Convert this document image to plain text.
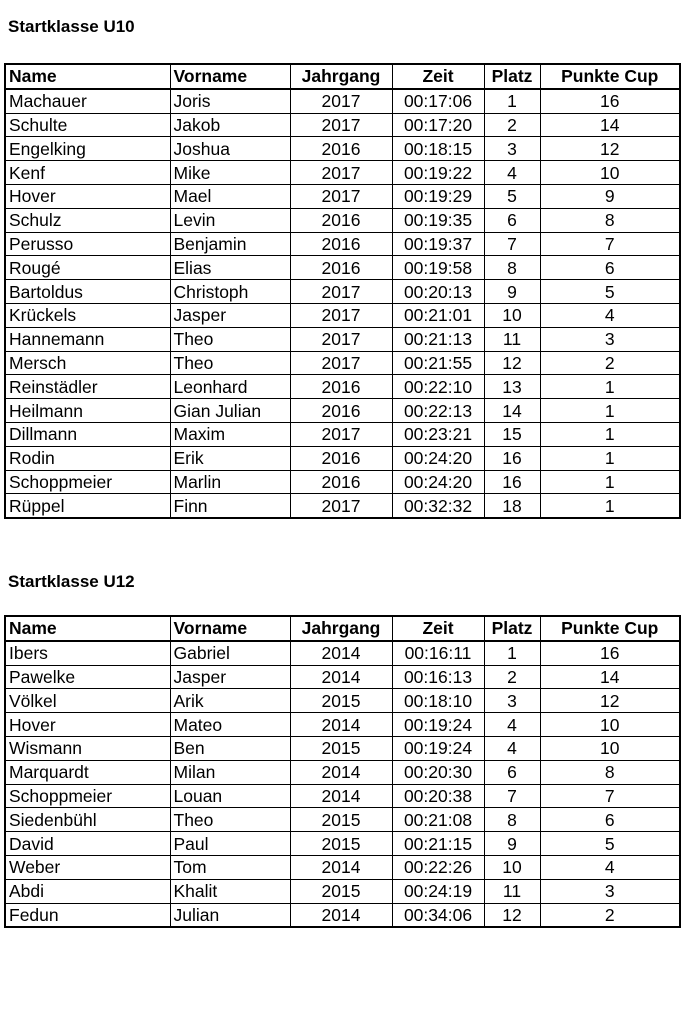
Startklasse U10
Name	Vorname	Jahrgang	Zeit	Platz	Punkte Cup
Machauer	Joris	2017	00:17:06	1	16
Schulte	Jakob	2017	00:17:20	2	14
Engelking	Joshua	2016	00:18:15	3	12
Kenf	Mike	2017	00:19:22	4	10
Hover	Mael	2017	00:19:29	5	9
Schulz	Levin	2016	00:19:35	6	8
Perusso	Benjamin	2016	00:19:37	7	7
Rougé	Elias	2016	00:19:58	8	6
Bartoldus	Christoph	2017	00:20:13	9	5
Krückels	Jasper	2017	00:21:01	10	4
Hannemann	Theo	2017	00:21:13	11	3
Mersch	Theo	2017	00:21:55	12	2
Reinstädler	Leonhard	2016	00:22:10	13	1
Heilmann	Gian Julian	2016	00:22:13	14	1
Dillmann	Maxim	2017	00:23:21	15	1
Rodin	Erik	2016	00:24:20	16	1
Schoppmeier	Marlin	2016	00:24:20	16	1
Rüppel	Finn	2017	00:32:32	18	1
Startklasse U12
Name	Vorname	Jahrgang	Zeit	Platz	Punkte Cup
Ibers	Gabriel	2014	00:16:11	1	16
Pawelke	Jasper	2014	00:16:13	2	14
Völkel	Arik	2015	00:18:10	3	12
Hover	Mateo	2014	00:19:24	4	10
Wismann	Ben	2015	00:19:24	4	10
Marquardt	Milan	2014	00:20:30	6	8
Schoppmeier	Louan	2014	00:20:38	7	7
Siedenbühl	Theo	2015	00:21:08	8	6
David	Paul	2015	00:21:15	9	5
Weber	Tom	2014	00:22:26	10	4
Abdi	Khalit	2015	00:24:19	11	3
Fedun	Julian	2014	00:34:06	12	2
